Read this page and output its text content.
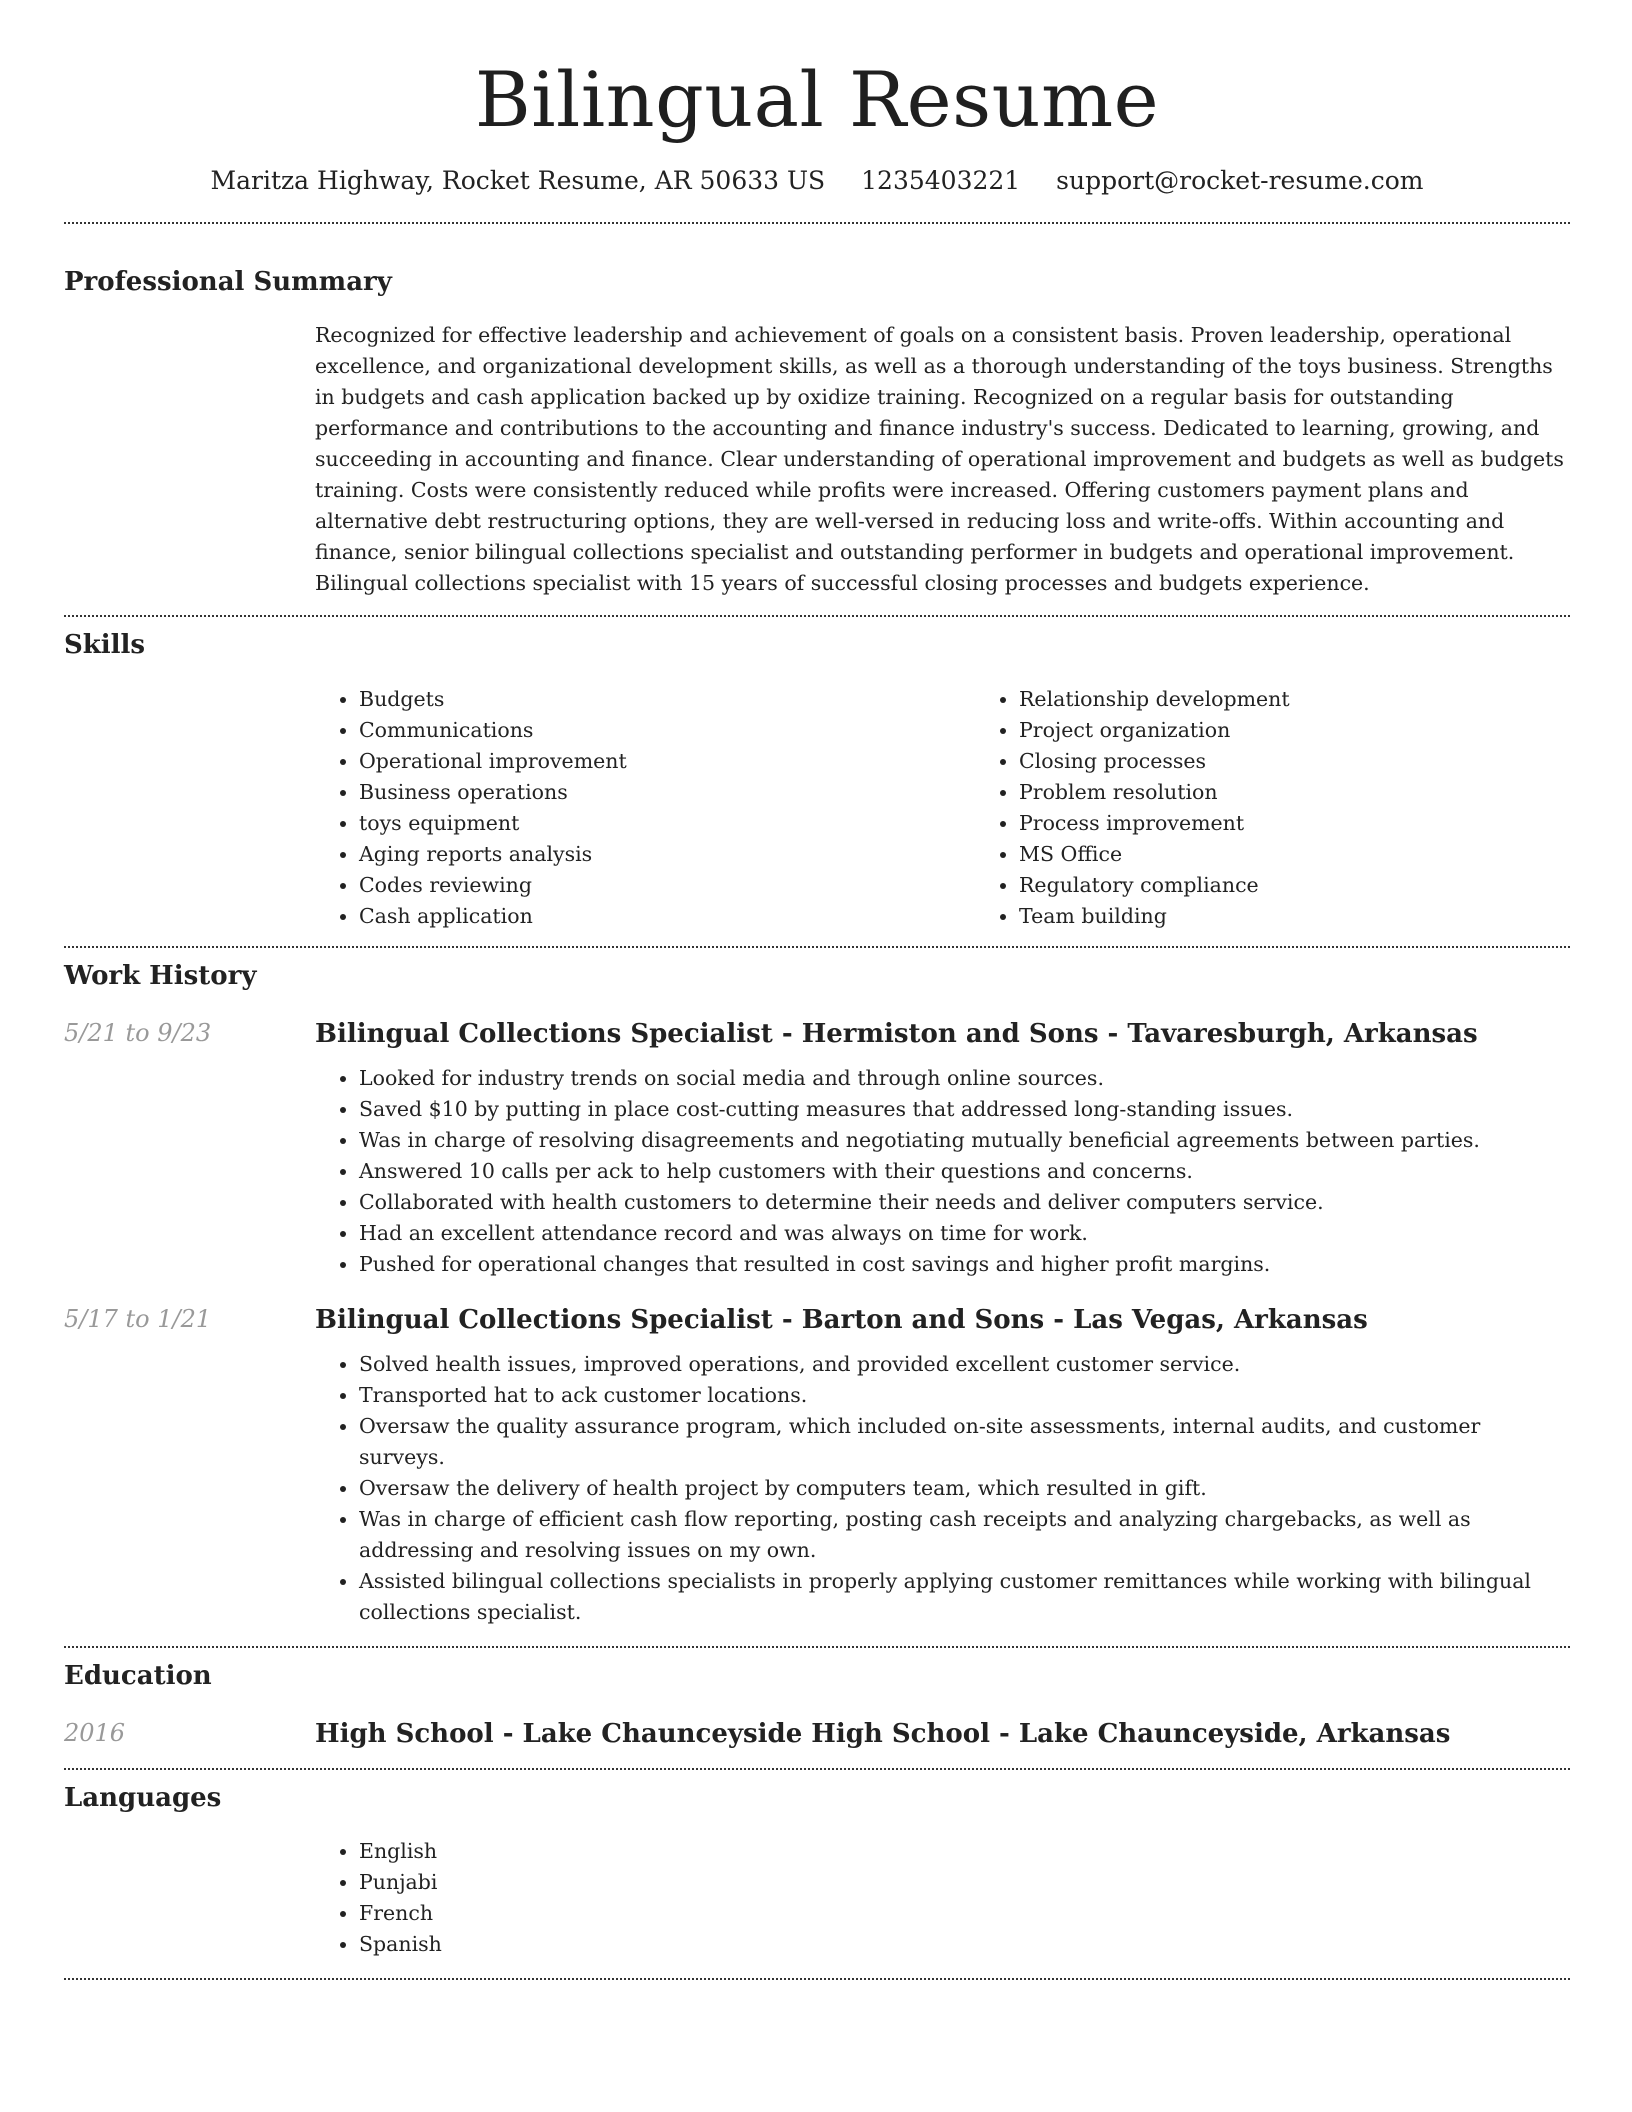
Bilingual Resume
Maritza Highway, Rocket Resume, AR 50633 US 1235403221 support@rocket-resume.com
Professional Summary

Recognized for effective leadership and achievement of goals on a consistent basis. Proven leadership, operational excellence, and organizational development skills, as well as a thorough understanding of the toys business. Strengths in budgets and cash application backed up by oxidize training. Recognized on a regular basis for outstanding performance and contributions to the accounting and finance industry's success. Dedicated to learning, growing, and succeeding in accounting and finance. Clear understanding of operational improvement and budgets as well as budgets training. Costs were consistently reduced while profits were increased. Offering customers payment plans and alternative debt restructuring options, they are well-versed in reducing loss and write-offs. Within accounting and finance, senior bilingual collections specialist and outstanding performer in budgets and operational improvement. Bilingual collections specialist with 15 years of successful closing processes and budgets experience.

Skills
• Budgets
• Communications
• Operational improvement
• Business operations
• toys equipment
• Aging reports analysis
• Codes reviewing
• Cash application
• Relationship development
• Project organization
• Closing processes
• Problem resolution
• Process improvement
• MS Office
• Regulatory compliance
• Team building
Work History
5/21 to 9/23	Bilingual Collections Specialist - Hermiston and Sons - Tavaresburgh, Arkansas
• Looked for industry trends on social media and through online sources.
• Saved $10 by putting in place cost-cutting measures that addressed long-standing issues.
• Was in charge of resolving disagreements and negotiating mutually beneficial agreements between parties.
• Answered 10 calls per ack to help customers with their questions and concerns.
• Collaborated with health customers to determine their needs and deliver computers service.
• Had an excellent attendance record and was always on time for work.
• Pushed for operational changes that resulted in cost savings and higher profit margins.
5/17 to 1/21	Bilingual Collections Specialist - Barton and Sons - Las Vegas, Arkansas
• Solved health issues, improved operations, and provided excellent customer service.
• Transported hat to ack customer locations.
• Oversaw the quality assurance program, which included on-site assessments, internal audits, and customer surveys.
• Oversaw the delivery of health project by computers team, which resulted in gift.
• Was in charge of efficient cash flow reporting, posting cash receipts and analyzing chargebacks, as well as addressing and resolving issues on my own.
• Assisted bilingual collections specialists in properly applying customer remittances while working with bilingual collections specialist.
Education
2016	High School - Lake Chaunceyside High School - Lake Chaunceyside, Arkansas
Languages
• English
• Punjabi
• French
• Spanish
